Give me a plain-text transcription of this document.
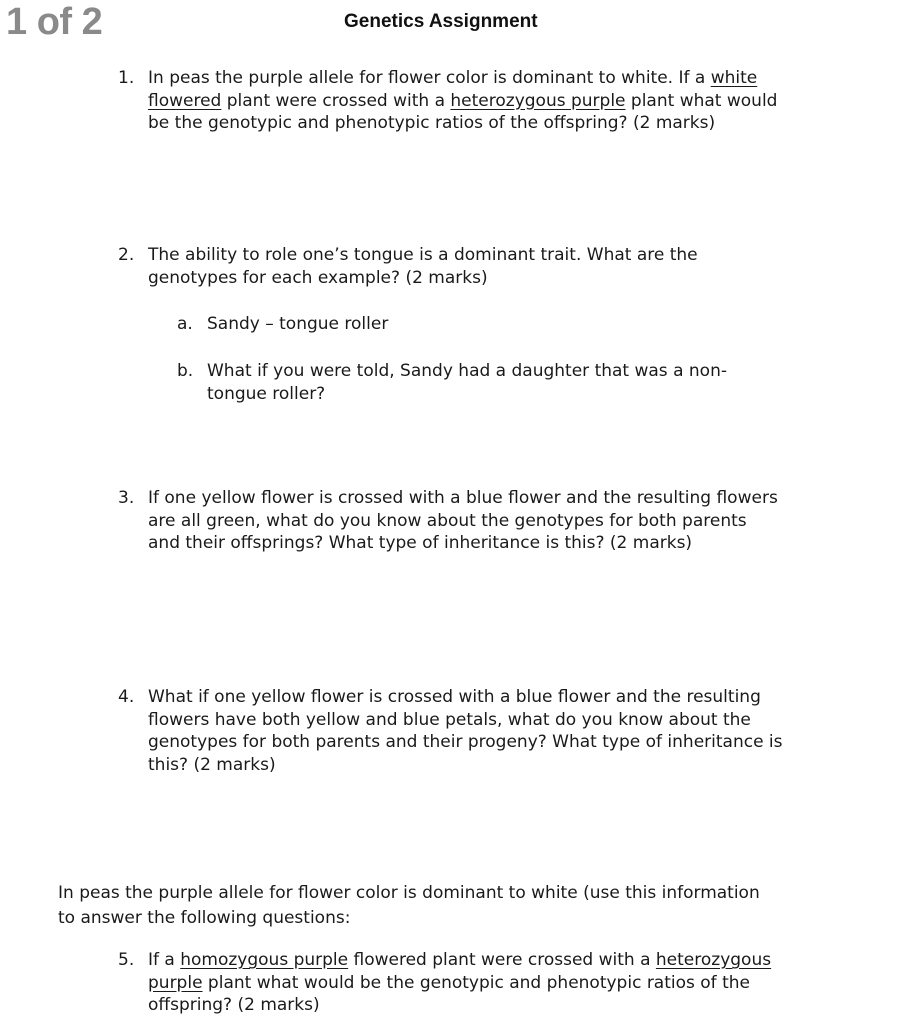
1 of 2	Genetics Assignment
1. In peas the purple allele for flower color is dominant to white. If a white
flowered plant were crossed with a heterozygous purple plant what would
be the genotypic and phenotypic ratios of the offspring? (2 marks)
2. The ability to role one’s tongue is a dominant trait. What are the
genotypes for each example? (2 marks)
a. Sandy – tongue roller
b. What if you were told, Sandy had a daughter that was a non-
tongue roller?
3. If one yellow flower is crossed with a blue flower and the resulting flowers
are all green, what do you know about the genotypes for both parents
and their offsprings? What type of inheritance is this? (2 marks)
4. What if one yellow flower is crossed with a blue flower and the resulting
flowers have both yellow and blue petals, what do you know about the
genotypes for both parents and their progeny? What type of inheritance is
this? (2 marks)
In peas the purple allele for flower color is dominant to white (use this information
to answer the following questions:
5. If a homozygous purple flowered plant were crossed with a heterozygous
purple plant what would be the genotypic and phenotypic ratios of the
offspring? (2 marks)
